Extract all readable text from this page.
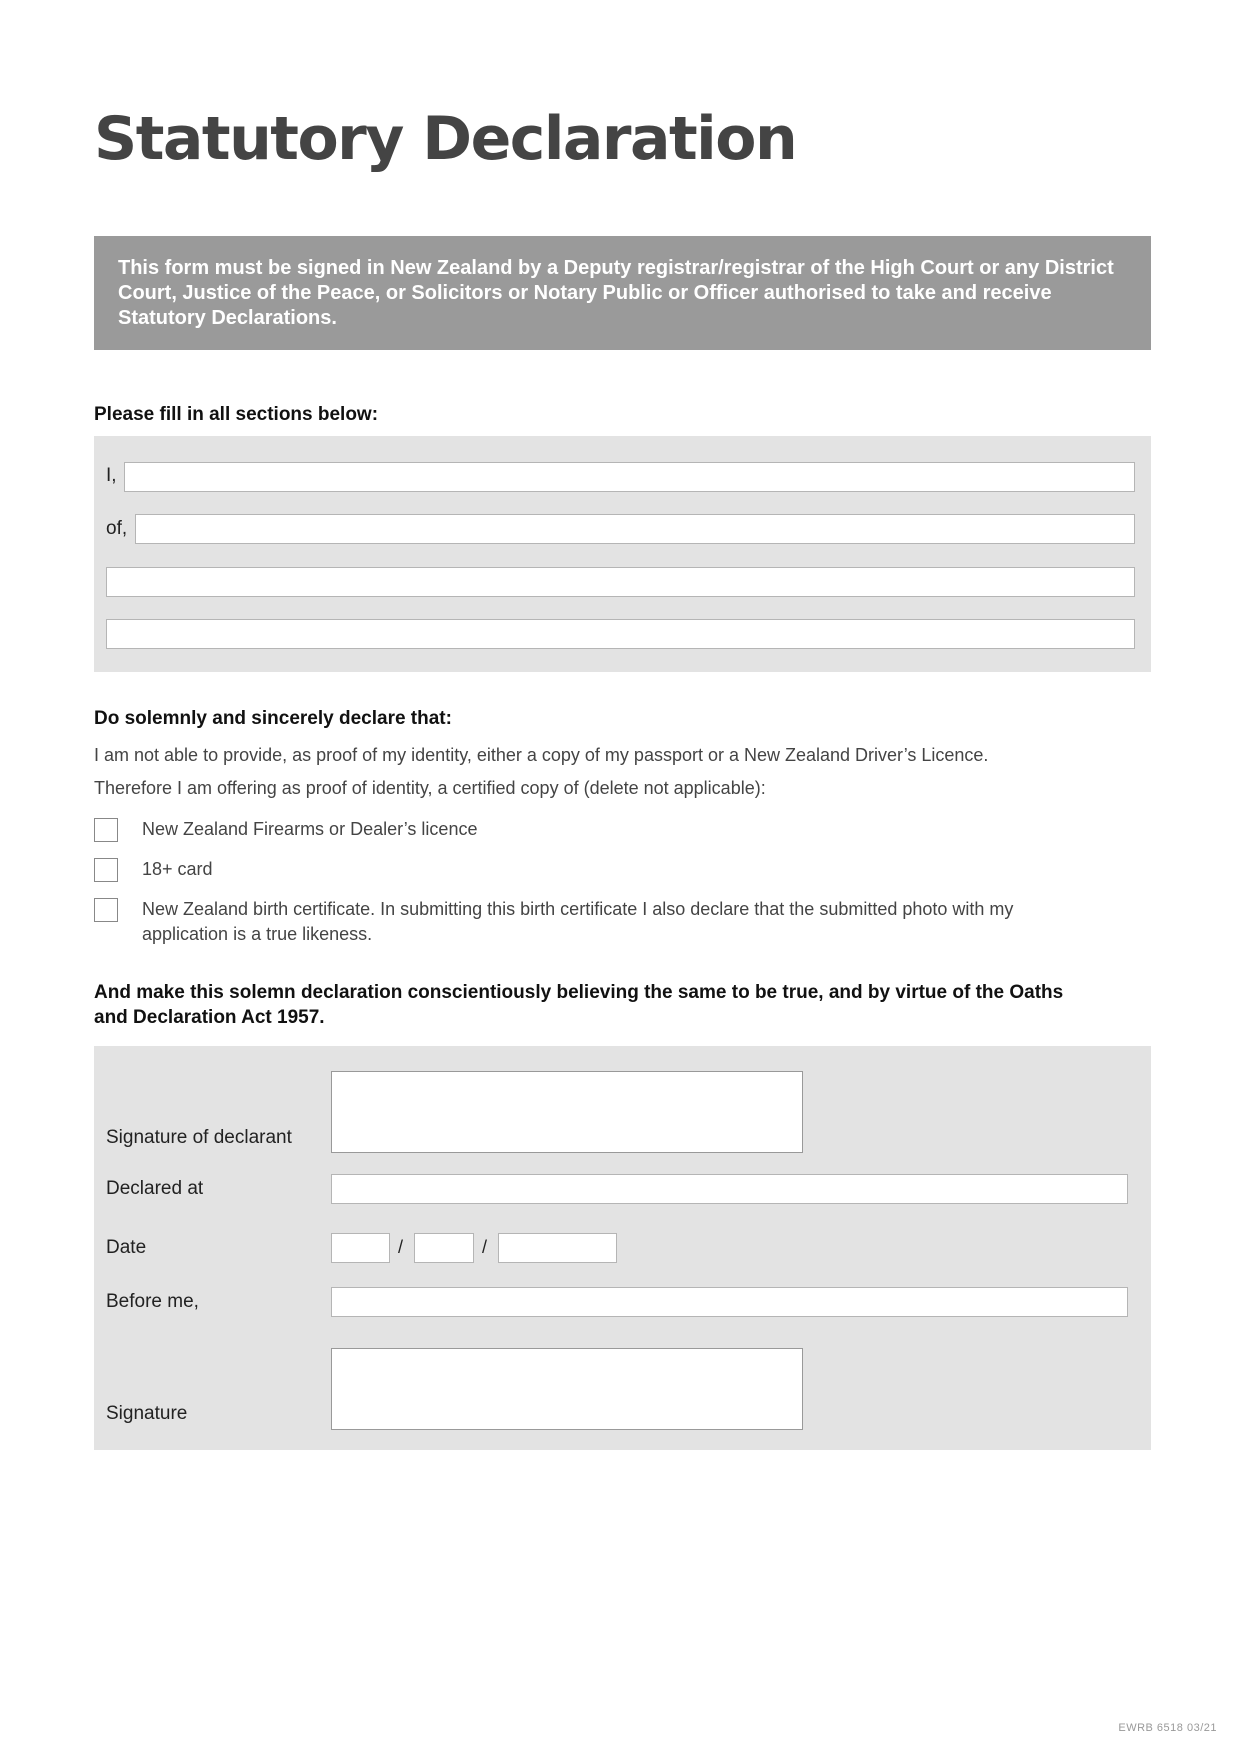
Statutory Declaration
This form must be signed in New Zealand by a Deputy registrar/registrar of the High Court or any District Court, Justice of the Peace, or Solicitors or Notary Public or Officer authorised to take and receive Statutory Declarations.
Please fill in all sections below:
I,
of,
Do solemnly and sincerely declare that:
I am not able to provide, as proof of my identity, either a copy of my passport or a New Zealand Driver’s Licence.
Therefore I am offering as proof of identity, a certified copy of (delete not applicable):
New Zealand Firearms or Dealer’s licence
18+ card
New Zealand birth certificate. In submitting this birth certificate I also declare that the submitted photo with my application is a true likeness.
And make this solemn declaration conscientiously believing the same to be true, and by virtue of the Oaths and Declaration Act 1957.
Signature of declarant
Declared at
Date	/	/
Before me,
Signature
EWRB 6518 03/21
